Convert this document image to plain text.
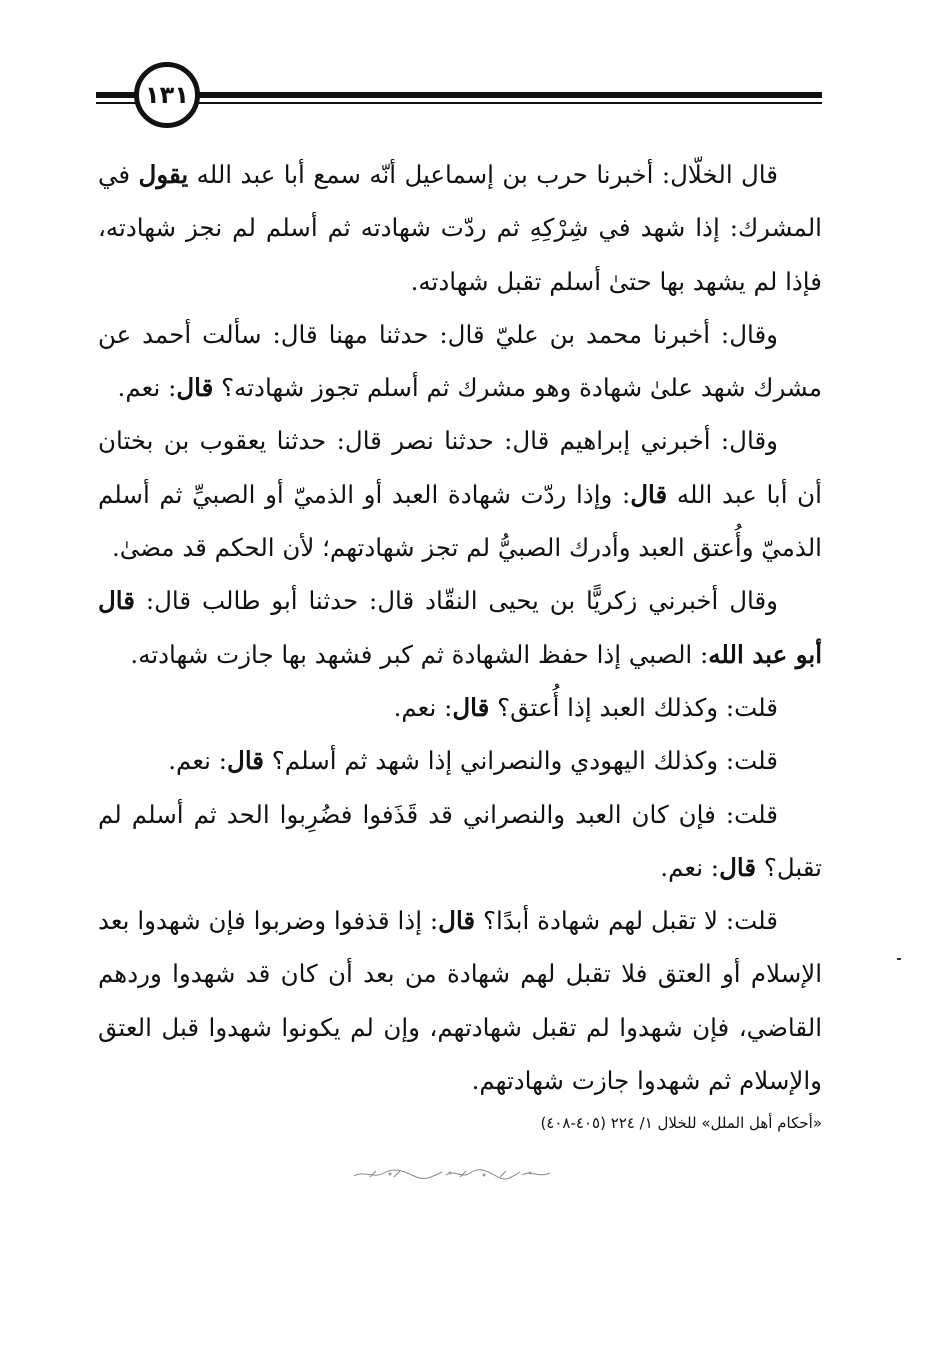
١٣١

قال الخلّال: أخبرنا حرب بن إسماعيل أنّه سمع أبا عبد الله يقول في المشرك: إذا شهد في شِرْكِهِ ثم ردّت شهادته ثم أسلم لم نجز شهادته، فإذا لم يشهد بها حتىٰ أسلم تقبل شهادته.

وقال: أخبرنا محمد بن عليّ قال: حدثنا مهنا قال: سألت أحمد عن مشرك شهد علىٰ شهادة وهو مشرك ثم أسلم تجوز شهادته؟ قال: نعم.

وقال: أخبرني إبراهيم قال: حدثنا نصر قال: حدثنا يعقوب بن بختان أن أبا عبد الله قال: وإذا ردّت شهادة العبد أو الذميّ أو الصبيِّ ثم أسلم الذميّ وأُعتق العبد وأدرك الصبيُّ لم تجز شهادتهم؛ لأن الحكم قد مضىٰ.

وقال أخبرني زكريًّا بن يحيى النقّاد قال: حدثنا أبو طالب قال: قال أبو عبد الله: الصبي إذا حفظ الشهادة ثم كبر فشهد بها جازت شهادته.

قلت: وكذلك العبد إذا أُعتق؟ قال: نعم.

قلت: وكذلك اليهودي والنصراني إذا شهد ثم أسلم؟ قال: نعم.

قلت: فإن كان العبد والنصراني قد قَذَفوا فضُرِبوا الحد ثم أسلم لم تقبل؟ قال: نعم.

قلت: لا تقبل لهم شهادة أبدًا؟ قال: إذا قذفوا وضربوا فإن شهدوا بعد الإسلام أو العتق فلا تقبل لهم شهادة من بعد أن كان قد شهدوا وردهم القاضي، فإن شهدوا لم تقبل شهادتهم، وإن لم يكونوا شهدوا قبل العتق والإسلام ثم شهدوا جازت شهادتهم.

«أحكام أهل الملل» للخلال ١/ ٢٢٤ (٤٠٥-٤٠٨)
